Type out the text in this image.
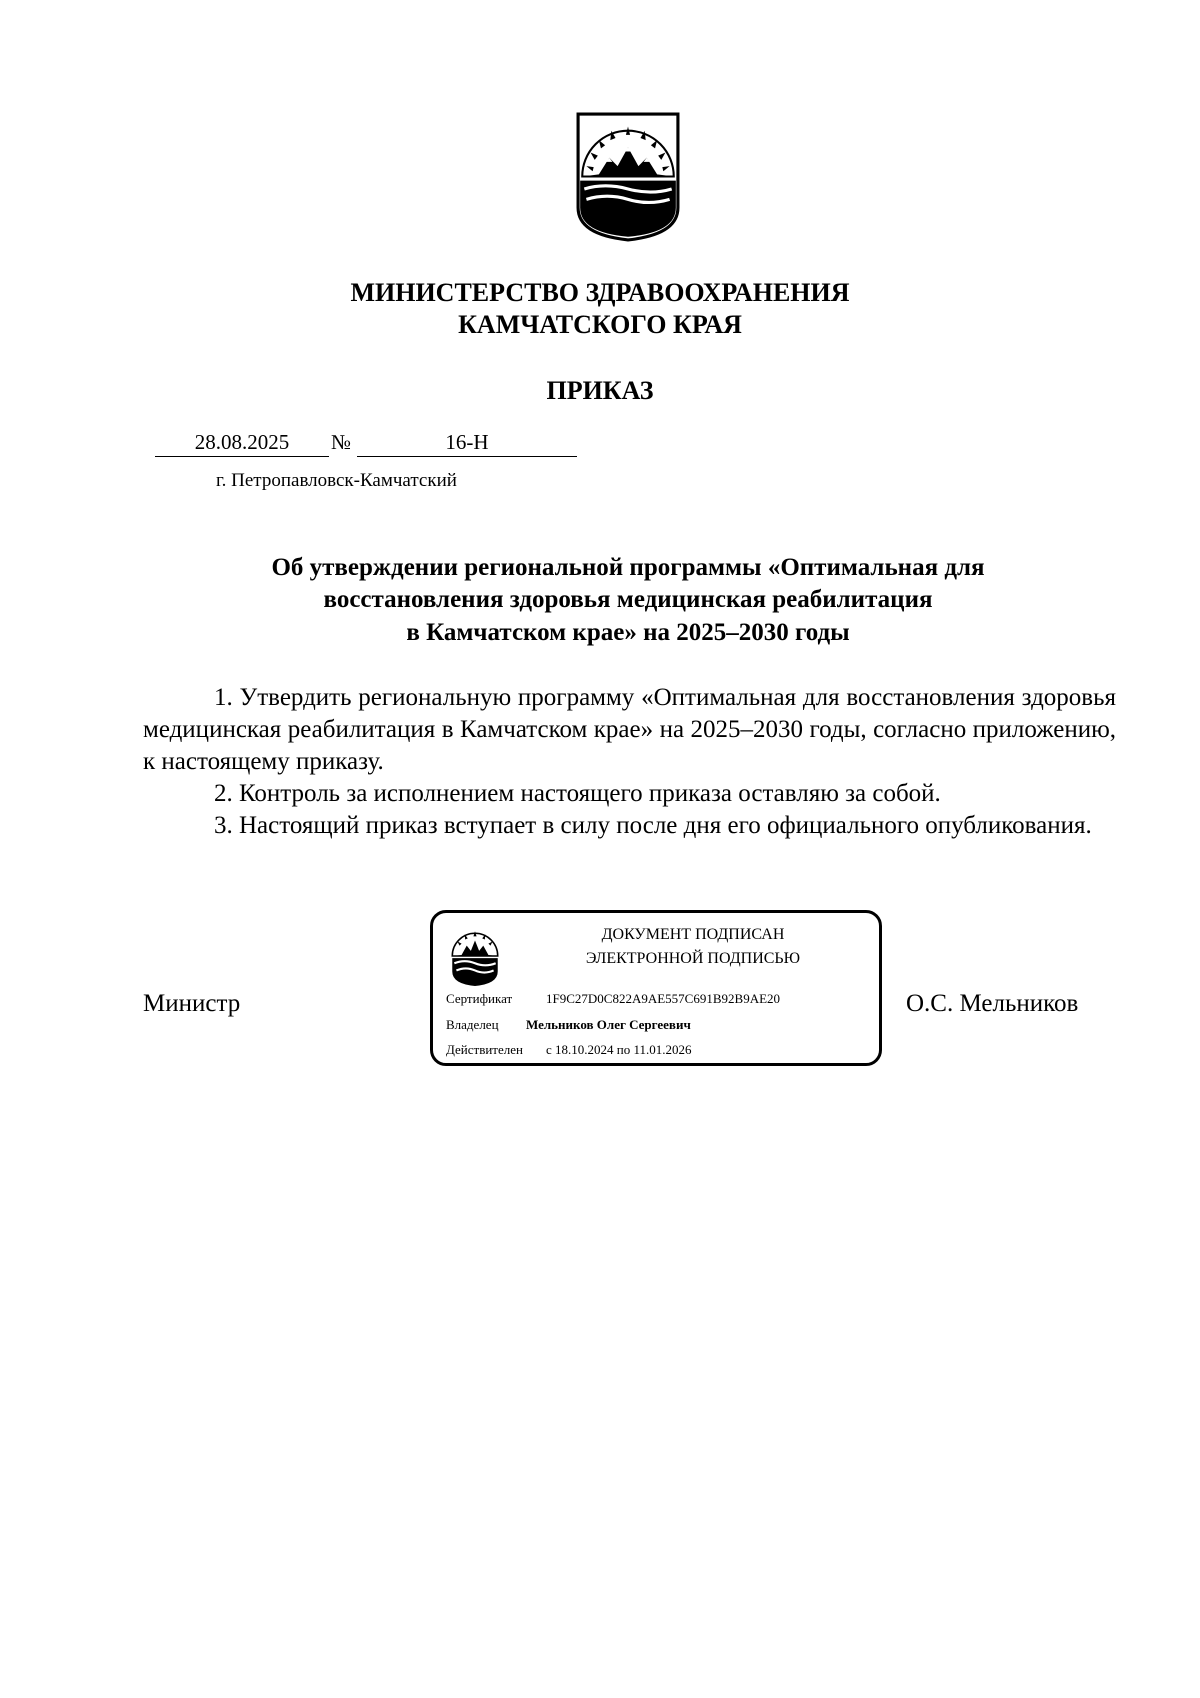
МИНИСТЕРСТВО ЗДРАВООХРАНЕНИЯ
КАМЧАТСКОГО КРАЯ
ПРИКАЗ
28.08.2025	№	16-Н
г. Петропавловск-Камчатский
Об утверждении региональной программы «Оптимальная для
восстановления здоровья медицинская реабилитация
в Камчатском крае» на 2025–2030 годы

1. Утвердить региональную программу «Оптимальная для восстановления здоровья медицинская реабилитация в Камчатском крае» на 2025–2030 годы, согласно приложению, к настоящему приказу.

2. Контроль за исполнением настоящего приказа оставляю за собой.

3. Настоящий приказ вступает в силу после дня его официального опубликования.

Министр	О.С. Мельников
ДОКУМЕНТ ПОДПИСАН
ЭЛЕКТРОННОЙ ПОДПИСЬЮ
Сертификат	1F9C27D0C822A9AE557C691B92B9AE20
Владелец Мельников Олег Сергеевич
Действителен с 18.10.2024 по 11.01.2026
